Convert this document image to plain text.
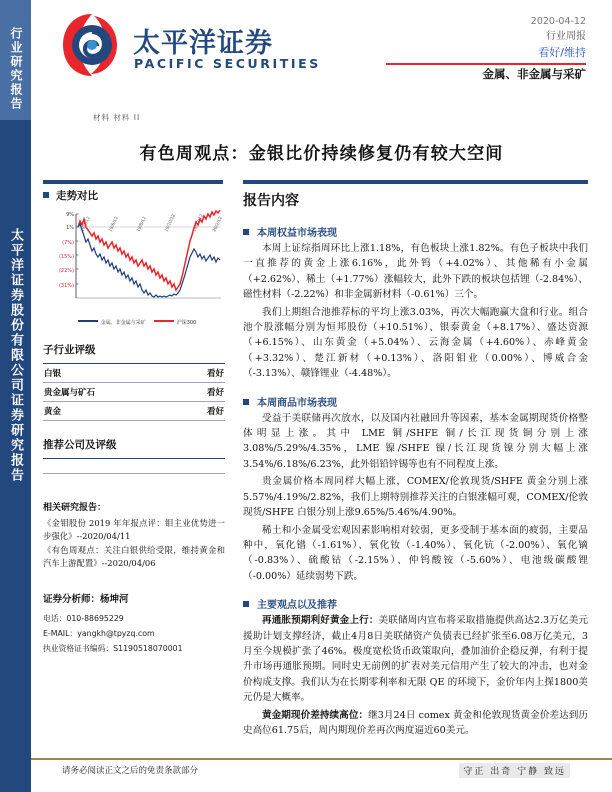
行业研究报告
太平洋证券股份有限公司证券研究报告
太平洋证券
PACIFIC SECURITIES
2020-04-12
行业周报
看好/维持
金属、非金属与采矿
材料 材料 II
有色周观点：金银比价持续修复仍有较大空间
走势对比
9%
1%
(7%)
(15%)
(22%)
(31%)
19/4/12	19/6/12	19/8/12	19/10/12	19/12/12 20/2/12
金属、非金属与采矿	沪深300
子行业评级
白银	看好
贵金属与矿石	看好
黄金	看好
推荐公司及评级
相关研究报告：
《金钼股份 2019 年年报点评：钼主业优势进一步强化》--2020/04/11
《有色周观点：关注白银供给受限，维持黄金和汽车上游配置》--2020/04/06
证券分析师：杨坤河
电话：010-88695229
E-MAIL：yangkh@tpyzq.com
执业资格证书编码：S1190518070001
报告内容
本周权益市场表现

本周上证综指周环比上涨1.18%，有色板块上涨1.82%。有色子板块中我们一直推荐的黄金上涨6.16%，此外钨（+4.02%）、其他稀有小金属（+2.62%）、稀土（+1.77%）涨幅较大，此外下跌的板块包括锂（-2.84%）、磁性材料（-2.22%）和非金属新材料（-0.61%）三个。

我们上期组合池推荐标的平均上涨3.03%，再次大幅跑赢大盘和行业。组合池个股涨幅分别为恒邦股份（+10.51%）、银泰黄金（+8.17%）、盛达资源（+6.15%）、山东黄金（+5.04%）、云海金属（+4.60%）、赤峰黄金（+3.32%）、楚江新材（+0.13%）、洛阳钼业（0.00%）、博威合金（-3.13%）、赣锋锂业（-4.48%）。

本周商品市场表现

受益于美联储再次放水，以及国内社融回升等因素，基本金属期现货价格整体明显上涨。其中 LME 铜/SHFE 铜/长江现货铜分别上涨3.08%/5.29%/4.35%，LME 镍/SHFE 镍/长江现货镍分别大幅上涨3.54%/6.18%/6.23%，此外铝铅锌锡等也有不同程度上涨。

贵金属价格本周同样大幅上涨，COMEX/伦敦现货/SHFE 黄金分别上涨5.57%/4.19%/2.82%，我们上期特别推荐关注的白银涨幅可观，COMEX/伦敦现货/SHFE 白银分别上涨9.65%/5.46%/4.90%。

稀土和小金属受宏观因素影响相对较弱，更多受制于基本面的疲弱，主要品种中，氧化镨（-1.61%）、氧化钕（-1.40%）、氧化钪（-2.00%）、氧化镝（-0.83%）、硫酸钴（-2.15%）、仲钨酸铵（-5.60%）、电池级碳酸锂（-0.00%）延续弱势下跌。

主要观点以及推荐

再通胀预期利好黄金上行：美联储周内宣布将采取措施提供高达2.3万亿美元援助计划支撑经济，截止4月8日美联储资产负债表已经扩张至6.08万亿美元，3月至今规模扩张了46%。极度宽松货币政策取向，叠加油价企稳反弹，有利于提升市场再通胀预期。同时史无前例的扩表对美元信用产生了较大的冲击，也对金价构成支撑。我们认为在长期零利率和无限 QE 的环境下，金价年内上探1800美元仍是大概率。

黄金期现价差持续高位：继3月24日 comex 黄金和伦敦现货黄金价差达到历史高位61.75后，周内期现价差再次两度逼近60美元。

请务必阅读正文之后的免责条款部分	守正 出奇 宁静 致远
